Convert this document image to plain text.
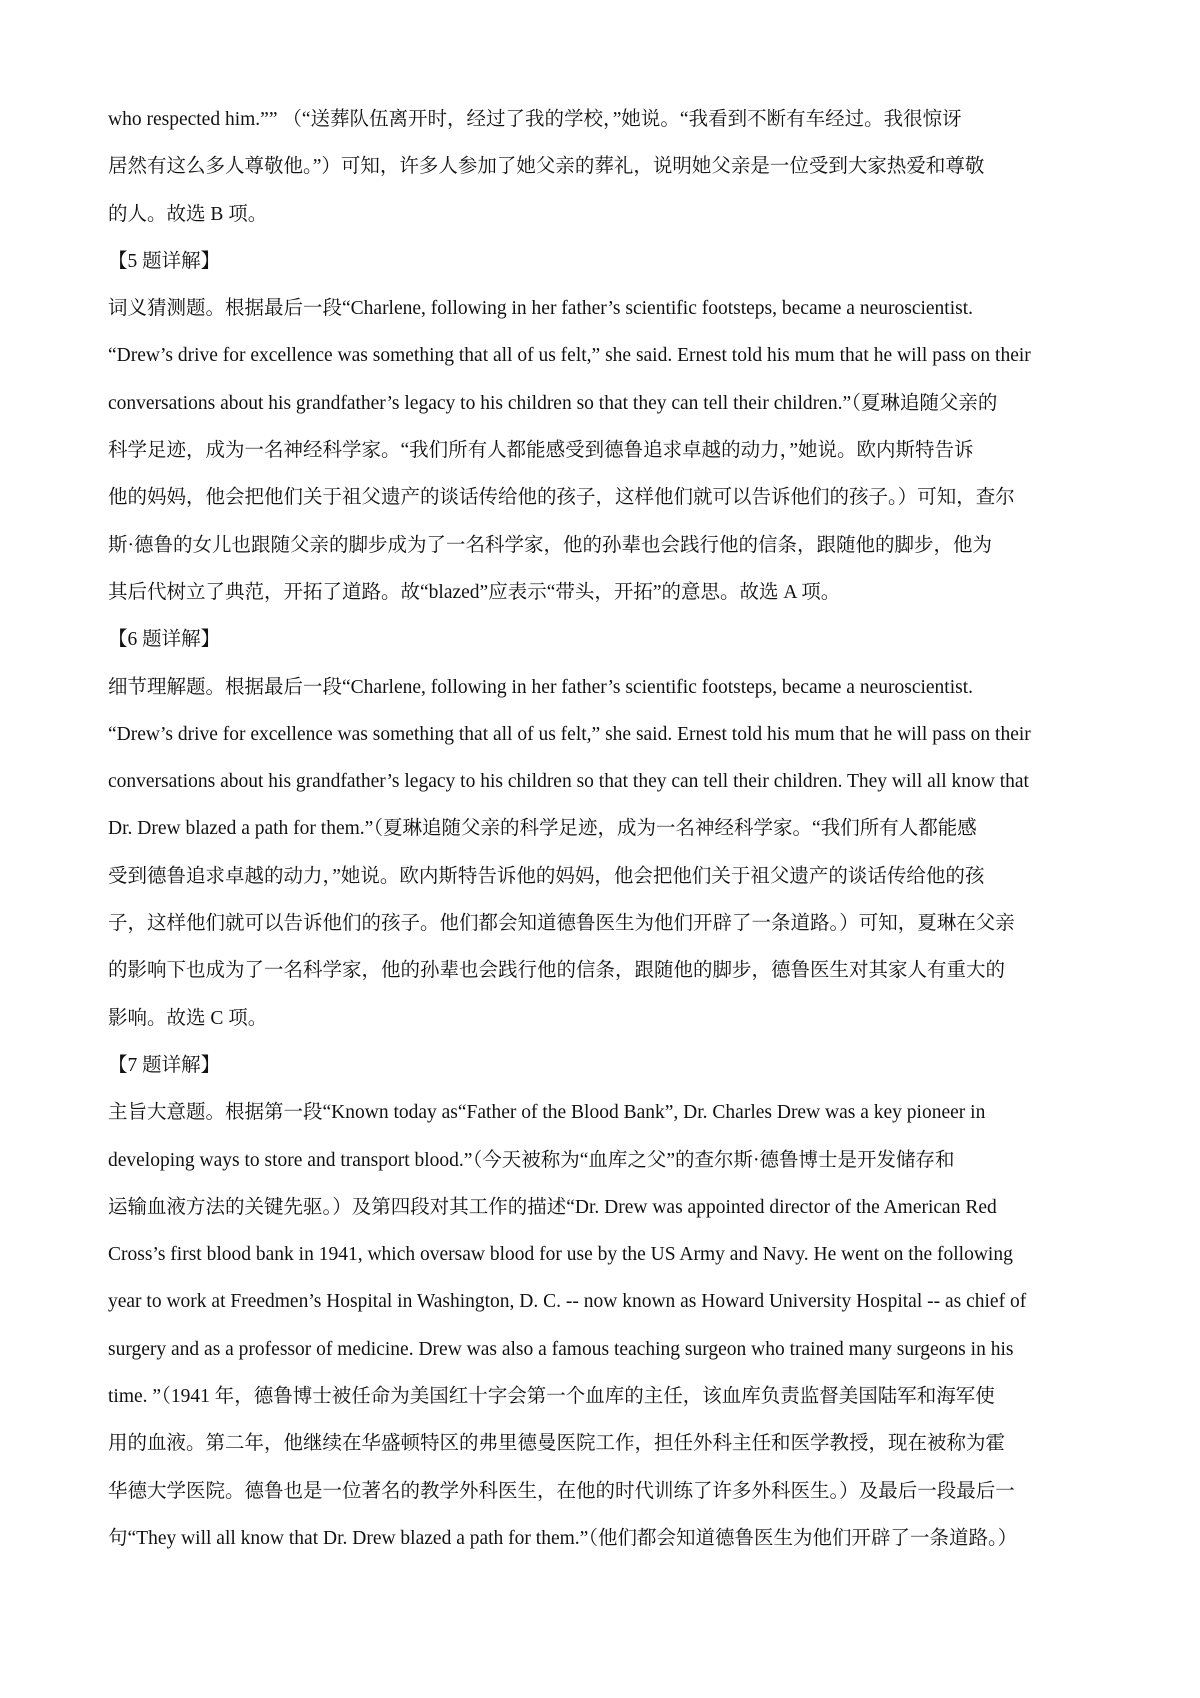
who respected him.”” （“送葬队伍离开时，经过了我的学校，”她说。“我看到不断有车经过。我很惊讶
居然有这么多人尊敬他。”）可知，许多人参加了她父亲的葬礼，说明她父亲是一位受到大家热爱和尊敬
的人。故选 B 项。
【5 题详解】
词义猜测题。根据最后一段“Charlene, following in her father’s scientific footsteps, became a neuroscientist.
“Drew’s drive for excellence was something that all of us felt,” she said. Ernest told his mum that he will pass on their
conversations about his grandfather’s legacy to his children so that they can tell their children.”（夏琳追随父亲的
科学足迹，成为一名神经科学家。“我们所有人都能感受到德鲁追求卓越的动力，”她说。欧内斯特告诉
他的妈妈，他会把他们关于祖父遗产的谈话传给他的孩子，这样他们就可以告诉他们的孩子。）可知，查尔
斯·德鲁的女儿也跟随父亲的脚步成为了一名科学家，他的孙辈也会践行他的信条，跟随他的脚步，他为
其后代树立了典范，开拓了道路。故“blazed”应表示“带头，开拓”的意思。故选 A 项。
【6 题详解】
细节理解题。根据最后一段“Charlene, following in her father’s scientific footsteps, became a neuroscientist.
“Drew’s drive for excellence was something that all of us felt,” she said. Ernest told his mum that he will pass on their
conversations about his grandfather’s legacy to his children so that they can tell their children. They will all know that
Dr. Drew blazed a path for them.”（夏琳追随父亲的科学足迹，成为一名神经科学家。“我们所有人都能感
受到德鲁追求卓越的动力，”她说。欧内斯特告诉他的妈妈，他会把他们关于祖父遗产的谈话传给他的孩
子，这样他们就可以告诉他们的孩子。他们都会知道德鲁医生为他们开辟了一条道路。）可知，夏琳在父亲
的影响下也成为了一名科学家，他的孙辈也会践行他的信条，跟随他的脚步，德鲁医生对其家人有重大的
影响。故选 C 项。
【7 题详解】
主旨大意题。根据第一段“Known today as“Father of the Blood Bank”, Dr. Charles Drew was a key pioneer in
developing ways to store and transport blood.”（今天被称为“血库之父”的查尔斯·德鲁博士是开发储存和
运输血液方法的关键先驱。）及第四段对其工作的描述“Dr. Drew was appointed director of the American Red
Cross’s first blood bank in 1941, which oversaw blood for use by the US Army and Navy. He went on the following
year to work at Freedmen’s Hospital in Washington, D. C. -- now known as Howard University Hospital -- as chief of
surgery and as a professor of medicine. Drew was also a famous teaching surgeon who trained many surgeons in his
time. ”（1941 年，德鲁博士被任命为美国红十字会第一个血库的主任，该血库负责监督美国陆军和海军使
用的血液。第二年，他继续在华盛顿特区的弗里德曼医院工作，担任外科主任和医学教授，现在被称为霍
华德大学医院。德鲁也是一位著名的教学外科医生，在他的时代训练了许多外科医生。）及最后一段最后一
句“They will all know that Dr. Drew blazed a path for them.”（他们都会知道德鲁医生为他们开辟了一条道路。）
